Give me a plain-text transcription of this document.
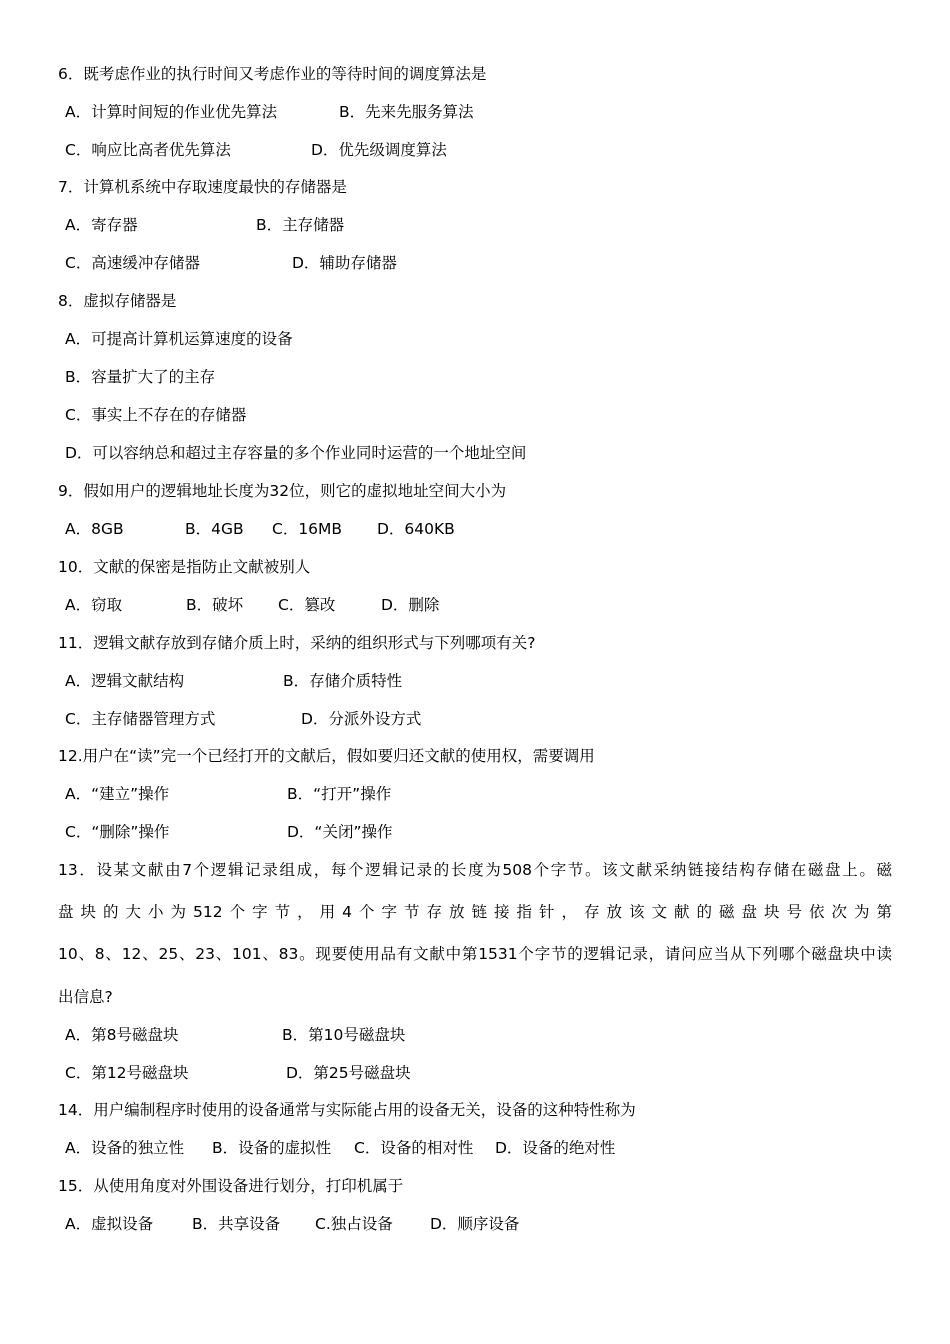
6．既考虑作业的执行时间又考虑作业的等待时间的调度算法是
A．计算时间短的作业优先算法	B．先来先服务算法
C．响应比高者优先算法	D．优先级调度算法
7．计算机系统中存取速度最快的存储器是
A．寄存器	B．主存储器
C．高速缓冲存储器	D．辅助存储器
8．虚拟存储器是
A．可提高计算机运算速度的设备
B．容量扩大了的主存
C．事实上不存在的存储器
D．可以容纳总和超过主存容量的多个作业同时运营的一个地址空间
9．假如用户的逻辑地址长度为32位，则它的虚拟地址空间大小为
A．8GB	B．4GB C．16MB D．640KB
10．文献的保密是指防止文献被别人
A．窃取	B．破坏 C．篡改	D．删除
11．逻辑文献存放到存储介质上时，采纳的组织形式与下列哪项有关?
A．逻辑文献结构	B．存储介质特性
C．主存储器管理方式	D．分派外设方式
12.用户在“读”完一个已经打开的文献后，假如要归还文献的使用权，需要调用
A．“建立”操作	B．“打开”操作
C．“删除”操作	D．“关闭”操作
13．设某文献由7个逻辑记录组成，每个逻辑记录的长度为508个字节。该文献采纳链接结构存储在磁盘上。磁
盘块的大小为512个字节，用4个字节存放链接指针，存放该文献的磁盘块号依次为第
10、8、12、25、23、101、83。现要使用品有文献中第1531个字节的逻辑记录，请问应当从下列哪个磁盘块中读
出信息?
A．第8号磁盘块	B．第10号磁盘块
C．第12号磁盘块	D．第25号磁盘块
14．用户编制程序时使用的设备通常与实际能占用的设备无关，设备的这种特性称为
A．设备的独立性 B．设备的虚拟性 C．设备的相对性 D．设备的绝对性
15．从使用角度对外围设备进行划分，打印机属于
A．虚拟设备	B．共享设备 C.独占设备 D．顺序设备
